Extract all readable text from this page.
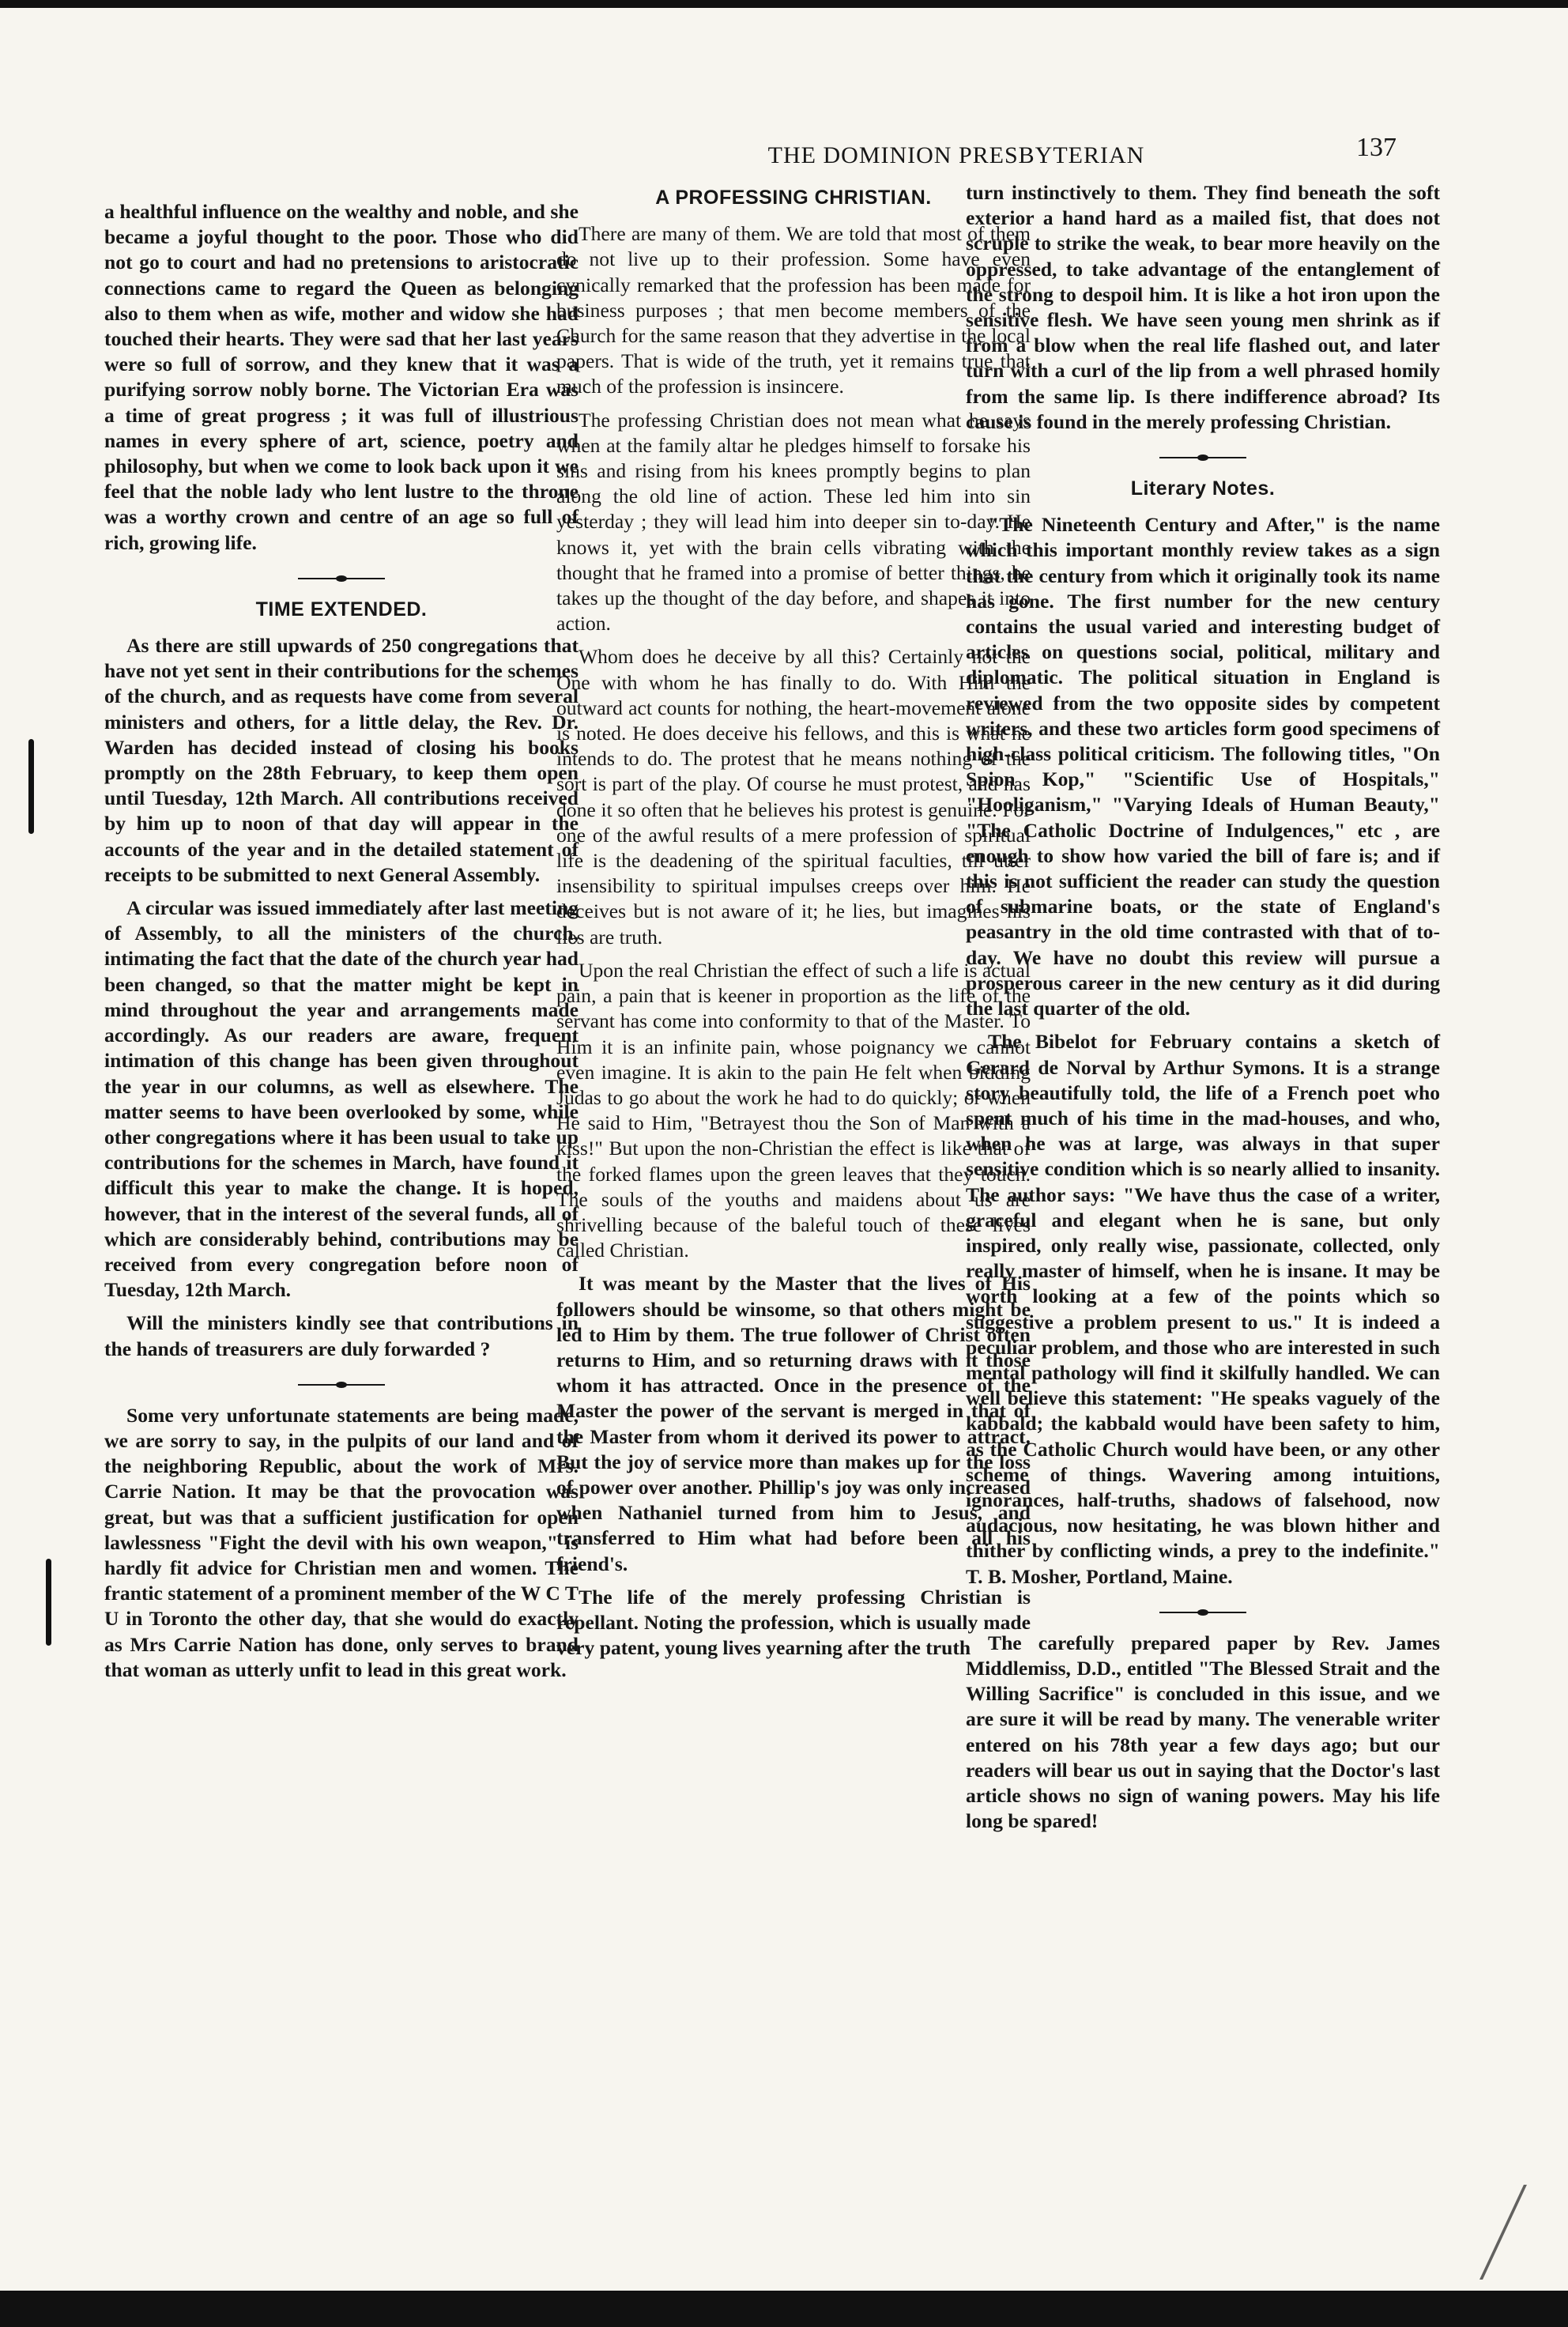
THE DOMINION PRESBYTERIAN	137

a healthful influence on the wealthy and noble, and she became a joyful thought to the poor. Those who did not go to court and had no pretensions to aristocratic connections came to regard the Queen as belonging also to them when as wife, mother and widow she had touched their hearts. They were sad that her last years were so full of sorrow, and they knew that it was a purifying sorrow nobly borne. The Victorian Era was a time of great progress ; it was full of illustrious names in every sphere of art, science, poetry and philosophy, but when we come to look back upon it we feel that the noble lady who lent lustre to the throne was a worthy crown and centre of an age so full of rich, growing life.

TIME EXTENDED.

As there are still upwards of 250 congregations that have not yet sent in their contributions for the schemes of the church, and as requests have come from several ministers and others, for a little delay, the Rev. Dr. Warden has decided instead of closing his books promptly on the 28th February, to keep them open until Tuesday, 12th March. All contributions received by him up to noon of that day will appear in the accounts of the year and in the detailed statement of receipts to be submitted to next General Assembly.

A circular was issued immediately after last meeting of Assembly, to all the ministers of the church, intimating the fact that the date of the church year had been changed, so that the matter might be kept in mind throughout the year and arrangements made accordingly. As our readers are aware, frequent intimation of this change has been given throughout the year in our columns, as well as elsewhere. The matter seems to have been overlooked by some, while other congregations where it has been usual to take up contributions for the schemes in March, have found it difficult this year to make the change. It is hoped, however, that in the interest of the several funds, all of which are considerably behind, contributions may be received from every congregation before noon of Tuesday, 12th March.

Will the ministers kindly see that contributions in the hands of treasurers are duly forwarded ?

Some very unfortunate statements are being made, we are sorry to say, in the pulpits of our land and of the neighboring Republic, about the work of Mrs. Carrie Nation. It may be that the provocation was great, but was that a sufficient justification for open lawlessness "Fight the devil with his own weapon," is hardly fit advice for Christian men and women. The frantic statement of a prominent member of the W C T U in Toronto the other day, that she would do exactly as Mrs Carrie Nation has done, only serves to brand that woman as utterly unfit to lead in this great work.

A PROFESSING CHRISTIAN.

There are many of them. We are told that most of them do not live up to their profession. Some have even cynically remarked that the profession has been made for business purposes ; that men become members of the Church for the same reason that they advertise in the local papers. That is wide of the truth, yet it remains true that much of the profession is insincere.

The professing Christian does not mean what he says when at the family altar he pledges himself to forsake his sins and rising from his knees promptly begins to plan along the old line of action. These led him into sin yesterday ; they will lead him into deeper sin to-day. He knows it, yet with the brain cells vibrating with the thought that he framed into a promise of better things, he takes up the thought of the day before, and shapes it into action.

Whom does he deceive by all this? Certainly not the One with whom he has finally to do. With Him the outward act counts for nothing, the heart-movement alone is noted. He does deceive his fellows, and this is what he intends to do. The protest that he means nothing of the sort is part of the play. Of course he must protest, and has done it so often that he believes his protest is genuine. For one of the awful results of a mere profession of spiritual life is the deadening of the spiritual faculties, till utter insensibility to spiritual impulses creeps over him. He deceives but is not aware of it; he lies, but imagines his lies are truth.

Upon the real Christian the effect of such a life is actual pain, a pain that is keener in proportion as the life of the servant has come into conformity to that of the Master. To Him it is an infinite pain, whose poignancy we cannot even imagine. It is akin to the pain He felt when bidding Judas to go about the work he had to do quickly; or when He said to Him, "Betrayest thou the Son of Man with a kiss!" But upon the non-Christian the effect is like that of the forked flames upon the green leaves that they touch. The souls of the youths and maidens about us are shrivelling because of the baleful touch of these lives called Christian.

It was meant by the Master that the lives of His followers should be winsome, so that others might be led to Him by them. The true follower of Christ often returns to Him, and so returning draws with it those whom it has attracted. Once in the presence of the Master the power of the servant is merged in that of the Master from whom it derived its power to attract. But the joy of service more than makes up for the loss of power over another. Phillip's joy was only increased when Nathaniel turned from him to Jesus, and transferred to Him what had before been all his friend's.

The life of the merely professing Christian is repellant. Noting the profession, which is usually made very patent, young lives yearning after the truth

turn instinctively to them. They find beneath the soft exterior a hand hard as a mailed fist, that does not scruple to strike the weak, to bear more heavily on the oppressed, to take advantage of the entanglement of the strong to despoil him. It is like a hot iron upon the sensitive flesh. We have seen young men shrink as if from a blow when the real life flashed out, and later turn with a curl of the lip from a well phrased homily from the same lip. Is there indifference abroad? Its cause is found in the merely professing Christian.

Literary Notes.

"The Nineteenth Century and After," is the name which this important monthly review takes as a sign that the century from which it originally took its name has gone. The first number for the new century contains the usual varied and interesting budget of articles on questions social, political, military and diplomatic. The political situation in England is reviewed from the two opposite sides by competent writers, and these two articles form good specimens of high-class political criticism. The following titles, "On Spion Kop," "Scientific Use of Hospitals," "Hooliganism," "Varying Ideals of Human Beauty," "The Catholic Doctrine of Indulgences," etc , are enough to show how varied the bill of fare is; and if this is not sufficient the reader can study the question of submarine boats, or the state of England's peasantry in the old time contrasted with that of to-day. We have no doubt this review will pursue a prosperous career in the new century as it did during the last quarter of the old.

The Bibelot for February contains a sketch of Gerard de Norval by Arthur Symons. It is a strange story beautifully told, the life of a French poet who spent much of his time in the mad-houses, and who, when he was at large, was always in that super sensitive condition which is so nearly allied to insanity. The author says: "We have thus the case of a writer, graceful and elegant when he is sane, but only inspired, only really wise, passionate, collected, only really master of himself, when he is insane. It may be worth looking at a few of the points which so suggestive a problem present to us." It is indeed a peculiar problem, and those who are interested in such mental pathology will find it skilfully handled. We can well believe this statement: "He speaks vaguely of the kabbald; the kabbald would have been safety to him, as the Catholic Church would have been, or any other scheme of things. Wavering among intuitions, ignorances, half-truths, shadows of falsehood, now audacious, now hesitating, he was blown hither and thither by conflicting winds, a prey to the indefinite." T. B. Mosher, Portland, Maine.

The carefully prepared paper by Rev. James Middlemiss, D.D., entitled "The Blessed Strait and the Willing Sacrifice" is concluded in this issue, and we are sure it will be read by many. The venerable writer entered on his 78th year a few days ago; but our readers will bear us out in saying that the Doctor's last article shows no sign of waning powers. May his life long be spared!
